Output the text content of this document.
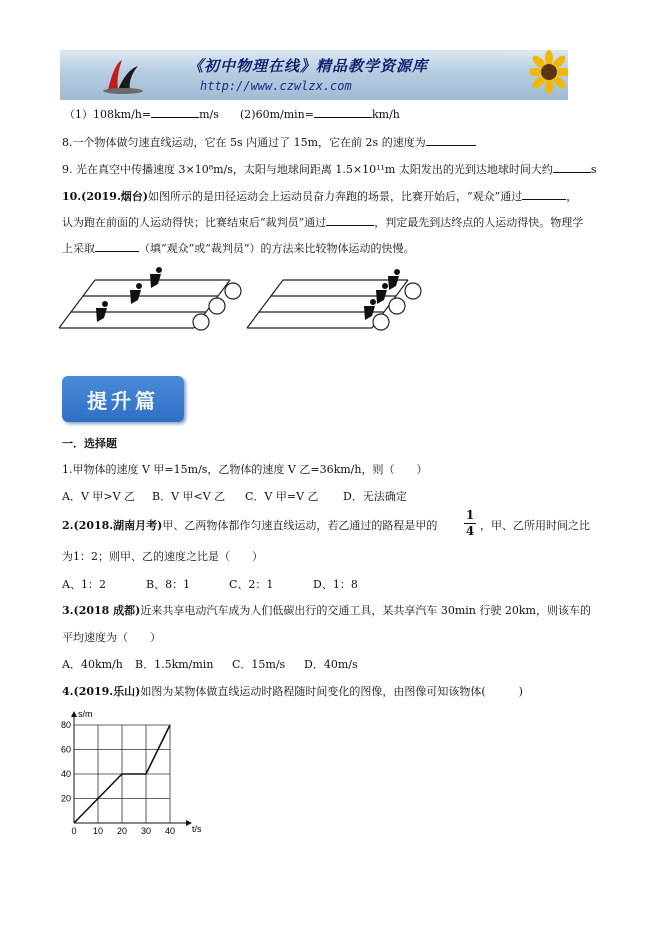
《初中物理在线》精品教学资源库
http://www.czwlzx.com
（1）108km/h=	m/s (2)60m/min=	km/h
8.一个物体做匀速直线运动，它在 5s 内通过了 15m，它在前 2s 的速度为
9. 光在真空中传播速度 3×10⁸m/s，太阳与地球间距离 1.5×10¹¹m 太阳发出的光到达地球时间大约	s
10.(2019.烟台)如图所示的是田径运动会上运动员奋力奔跑的场景，比赛开始后，“观众”通过	，
认为跑在前面的人运动得快；比赛结束后“裁判员”通过	，判定最先到达终点的人运动得快。物理学
上采取	（填“观众”或“裁判员”）的方法来比较物体运动的快慢。
提升篇
一．选择题
1.甲物体的速度 V 甲=15m/s，乙物体的速度 V 乙=36km/h，则（　　）
A．V 甲>V 乙 B．V 甲<V 乙 C．V 甲=V 乙 D．无法确定
2.(2018.湖南月考)甲、乙两物体都作匀速直线运动，若乙通过的路程是甲的 $\frac{1}{4}$ ，甲、乙所用时间之比
为1：2；则甲、乙的速度之比是（　　）
A、1：2	B、8：1	C、2：1	D、1：8
3.(2018 成都)近来共享电动汽车成为人们低碳出行的交通工具，某共享汽车 30min 行驶 20km，则该车的
平均速度为（　　）
A．40km/h B．1.5km/min C．15m/s D．40m/s
4.(2019.乐山)如图为某物体做直线运动时路程随时间变化的图像，由图像可知该物体(　　　)
0 10 20 30 40
20
40
60
80
t/s
s/m
